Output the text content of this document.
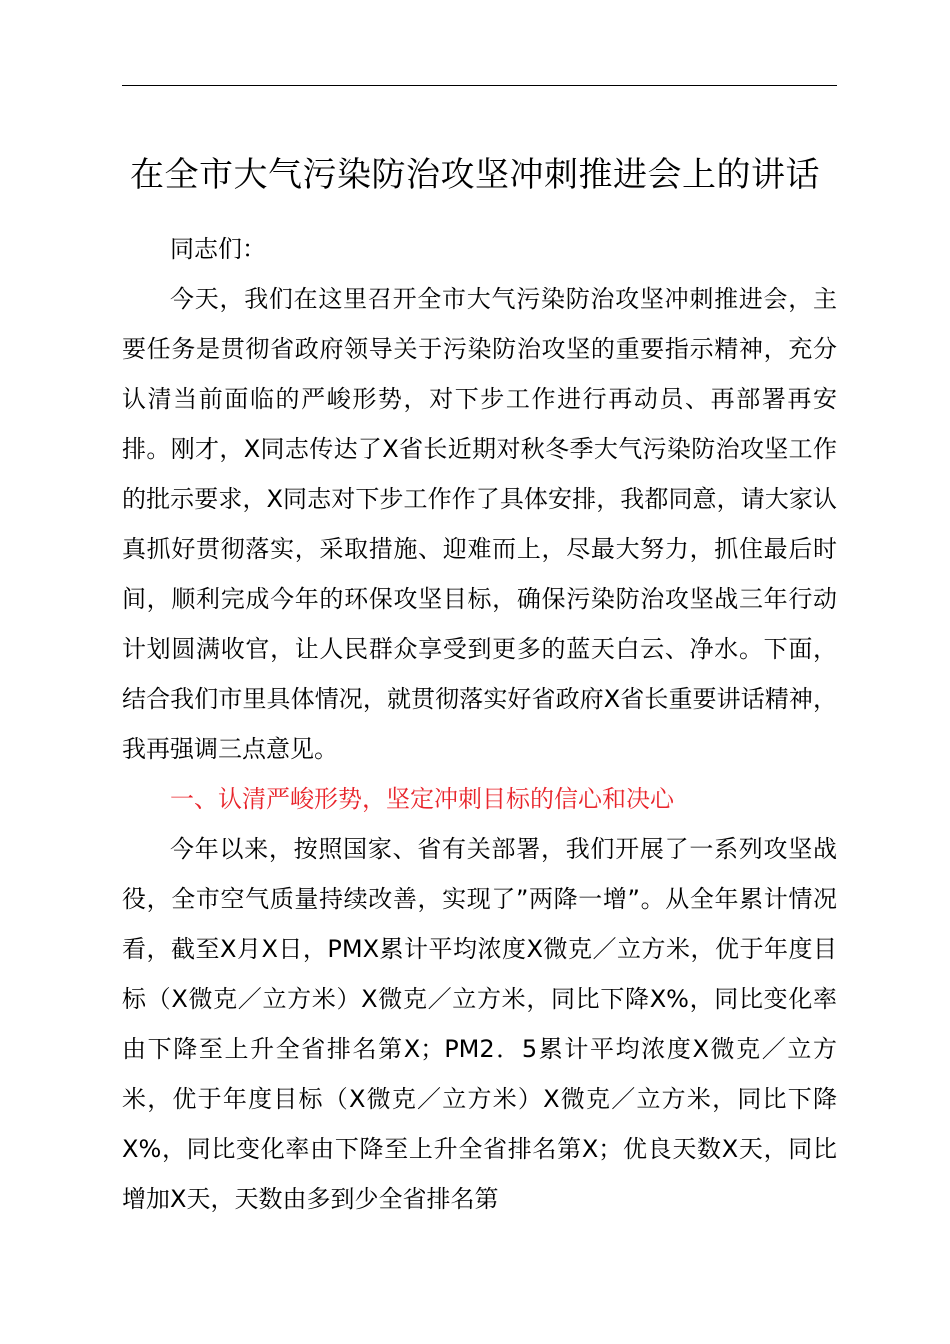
在全市大气污染防治攻坚冲刺推进会上的讲话

同志们：

今天，我们在这里召开全市大气污染防治攻坚冲刺推进会，主要任务是贯彻省政府领导关于污染防治攻坚的重要指示精神，充分认清当前面临的严峻形势，对下步工作进行再动员、再部署再安排。刚才，X同志传达了X省长近期对秋冬季大气污染防治攻坚工作的批示要求，X同志对下步工作作了具体安排，我都同意，请大家认真抓好贯彻落实，采取措施、迎难而上，尽最大努力，抓住最后时间，顺利完成今年的环保攻坚目标，确保污染防治攻坚战三年行动计划圆满收官，让人民群众享受到更多的蓝天白云、净水。下面，结合我们市里具体情况，就贯彻落实好省政府X省长重要讲话精神，我再强调三点意见。

一、认清严峻形势，坚定冲刺目标的信心和决心

今年以来，按照国家、省有关部署，我们开展了一系列攻坚战役，全市空气质量持续改善，实现了”两降一增”。从全年累计情况看，截至X月X日，PMX累计平均浓度X微克／立方米，优于年度目标（X微克／立方米）X微克／立方米，同比下降X%，同比变化率由下降至上升全省排名第X；PM2．5累计平均浓度X微克／立方米，优于年度目标（X微克／立方米）X微克／立方米，同比下降X%，同比变化率由下降至上升全省排名第X；优良天数X天，同比增加X天，天数由多到少全省排名第
